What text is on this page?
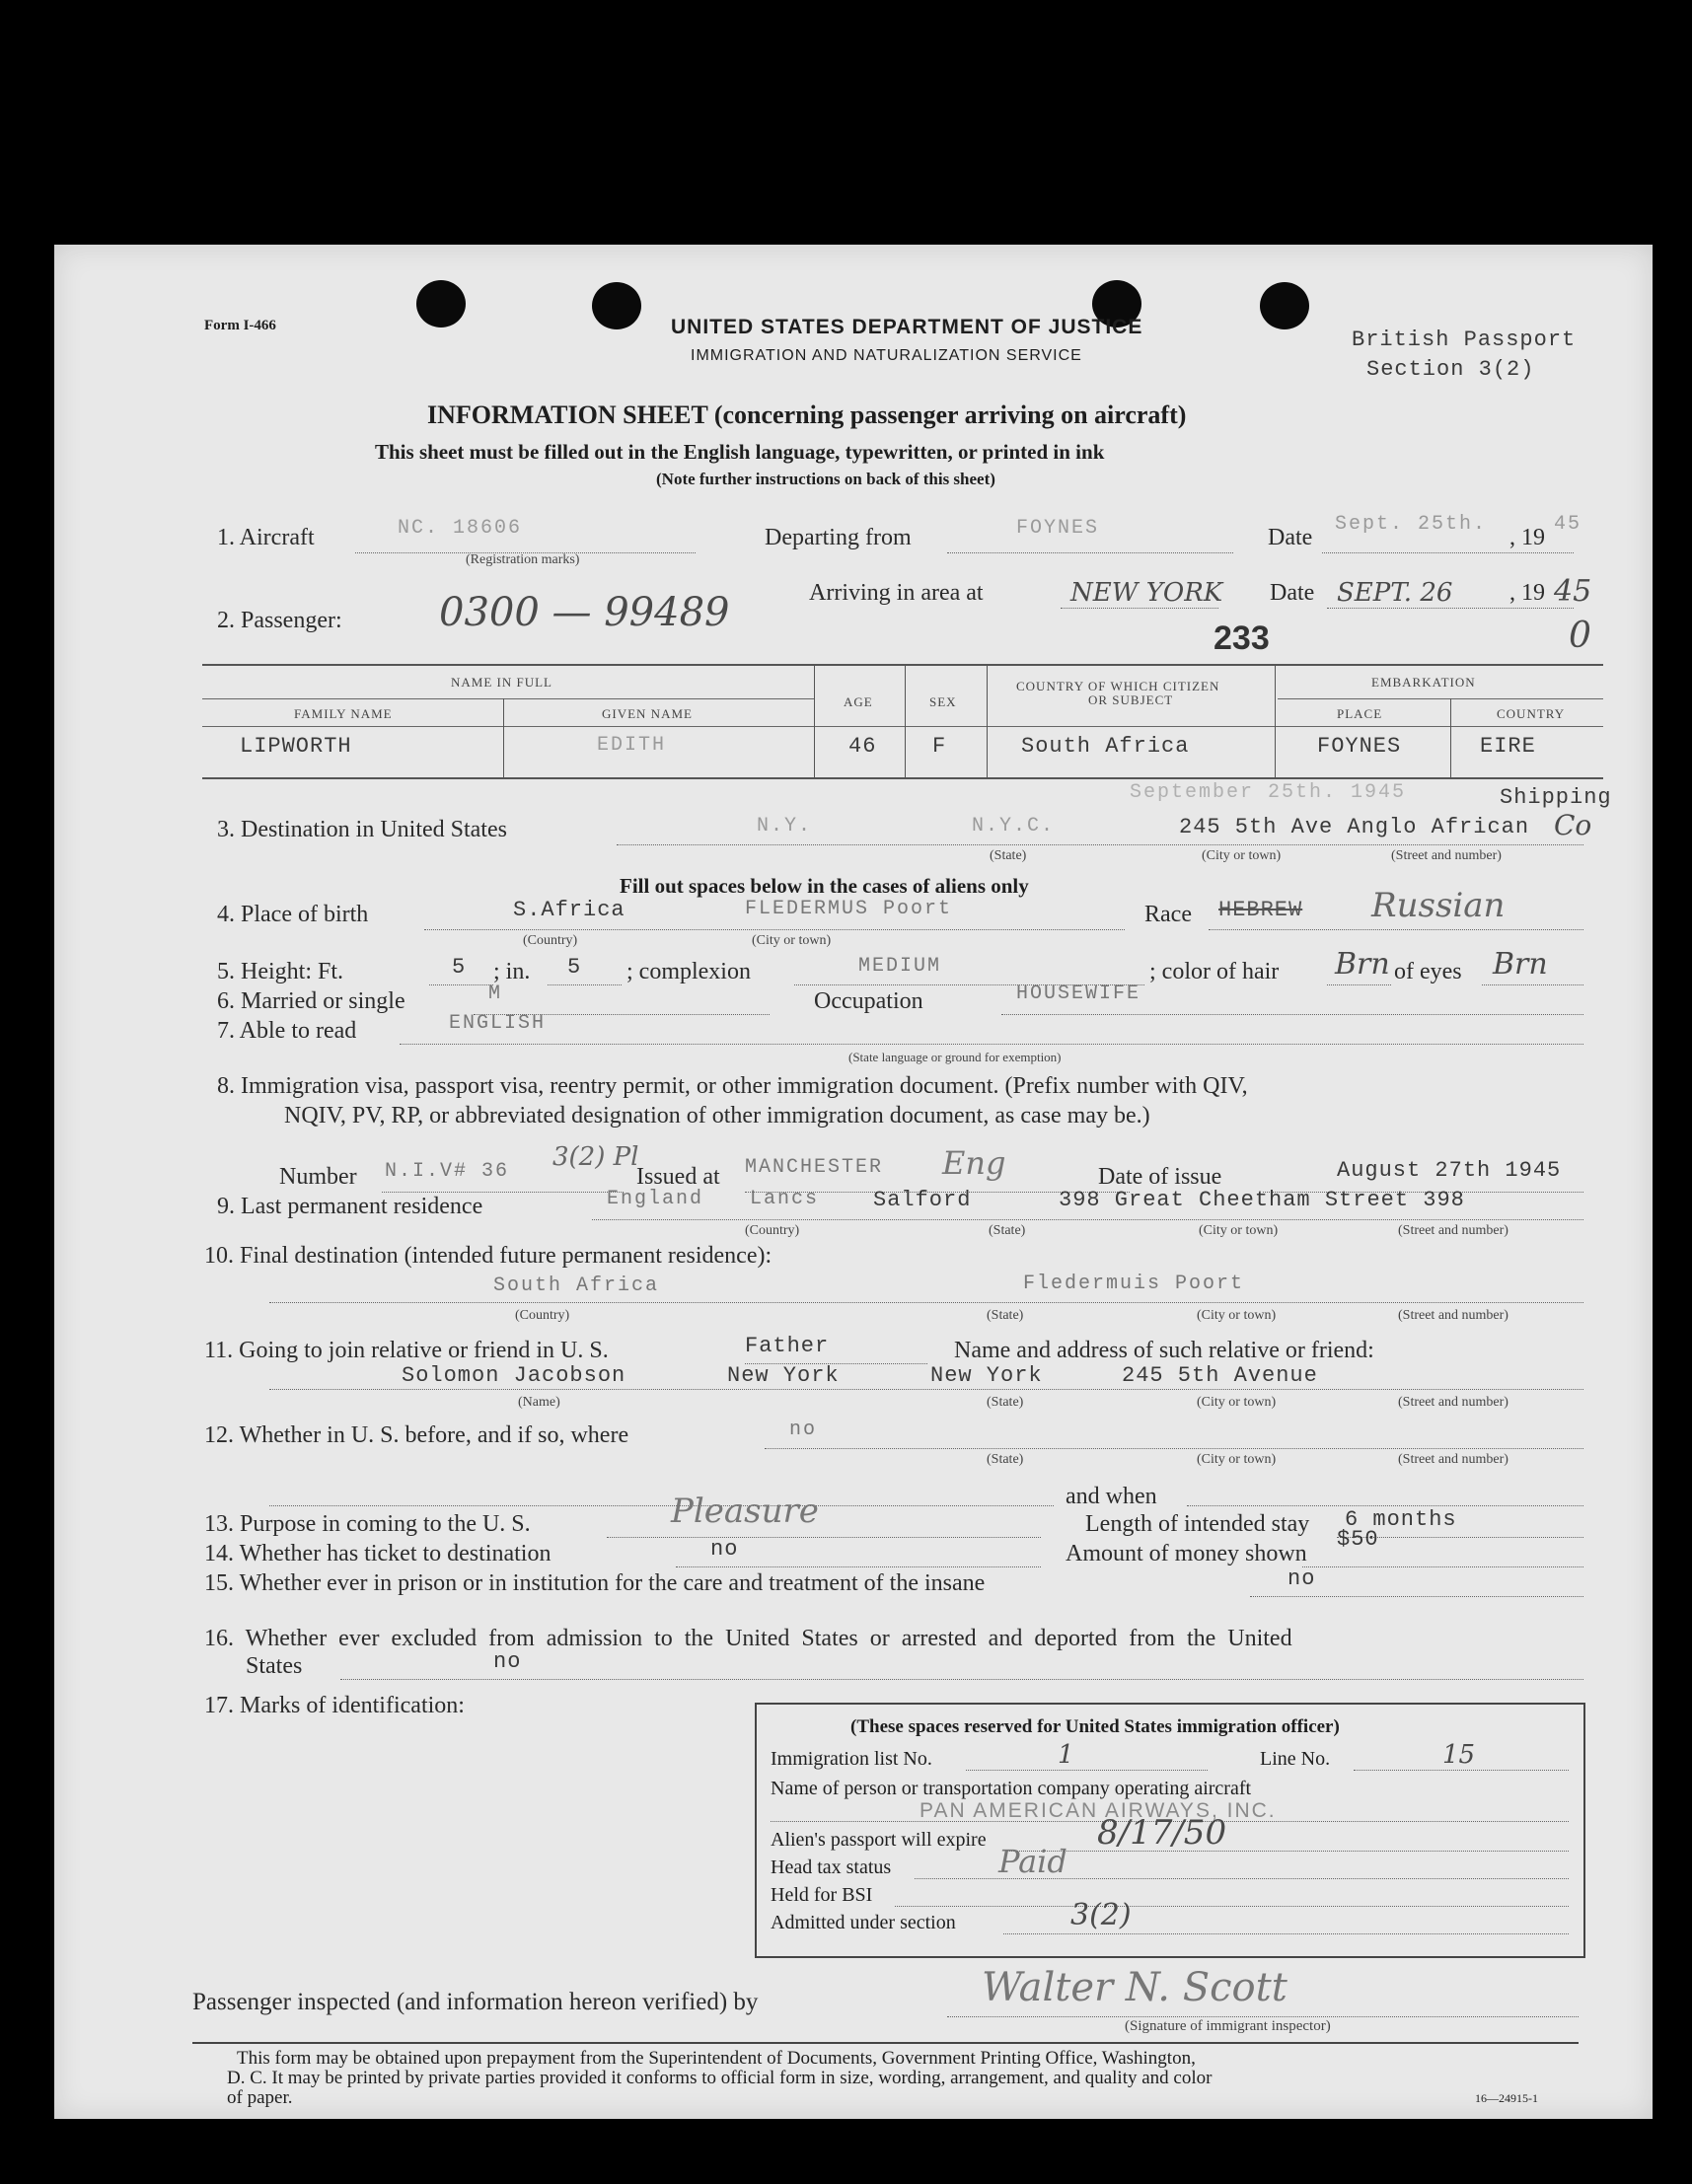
Form I-466	UNITED STATES DEPARTMENT OF JUSTICE
IMMIGRATION AND NATURALIZATION SERVICE
British Passport
Section 3(2)
INFORMATION SHEET (concerning passenger arriving on aircraft)
This sheet must be filled out in the English language, typewritten, or printed in ink
(Note further instructions on back of this sheet)
1. Aircraft	NC. 18606
(Registration marks)
Departing from	FOYNES	Date
Sept. 25th.
, 19
45
2. Passenger: 0300 — 99489	Arriving in area at	NEW YORK Date SEPT. 26 , 19 45
233	0
NAME IN FULL
FAMILY NAME	GIVEN NAME
AGE	SEX
COUNTRY OF WHICH CITIZEN
OR SUBJECT
EMBARKATION
PLACE	COUNTRY
LIPWORTH	EDITH	46	F	South Africa	FOYNES	EIRE
September 25th. 1945	Shipping
3. Destination in United States	N.Y.	N.Y.C.	245 5th Ave Anglo African Co
(State)	(City or town)	(Street and number)
Fill out spaces below in the cases of aliens only
4. Place of birth	S.Africa	FLEDERMUS Poort
(Country)	(City or town)
Race HEBREW Russian
5. Height: Ft.	5 ; in. 5 ; complexion	MEDIUM	; color of hair Brn of eyes Brn
6. Married or single	M	Occupation	HOUSEWIFE
7. Able to read	ENGLISH
(State language or ground for exemption)
8. Immigration visa, passport visa, reentry permit, or other immigration document. (Prefix number with QIV,
NQIV, PV, RP, or abbreviated designation of other immigration document, as case may be.)
Number N.I.V# 36 3(2) Pl
Issued at MANCHESTER Eng	Date of issue	August 27th 1945
9. Last permanent residence	England Lancs Salford	398 Great Cheetham Street 398
(Country)	(State)	(City or town)	(Street and number)
10. Final destination (intended future permanent residence):
South Africa	Fledermuis Poort
(Country)	(State)	(City or town)	(Street and number)
11. Going to join relative or friend in U. S.	Father	Name and address of such relative or friend:
Solomon Jacobson	New York	New York	245 5th Avenue
(Name)	(State)	(City or town)	(Street and number)
12. Whether in U. S. before, and if so, where	no
(State)	(City or town)	(Street and number)
and when
13. Purpose in coming to the U. S.	Pleasure	Length of intended stay 6 months
14. Whether has ticket to destination	no	Amount of money shown
$50
15. Whether ever in prison or in institution for the care and treatment of the insane	no
16. Whether ever excluded from admission to the United States or arrested and deported from the United
States	no
17. Marks of identification:
(These spaces reserved for United States immigration officer)
Immigration list No.	1	Line No.	15
Name of person or transportation company operating aircraft
PAN AMERICAN AIRWAYS, INC.
Alien's passport will expire	8/17/50
Head tax status	Paid
Held for BSI
Admitted under section	3(2)
Passenger inspected (and information hereon verified) by	Walter N. Scott
(Signature of immigrant inspector)
This form may be obtained upon prepayment from the Superintendent of Documents, Government Printing Office, Washington,
D. C. It may be printed by private parties provided it conforms to official form in size, wording, arrangement, and quality and color
of paper.	16—24915-1
